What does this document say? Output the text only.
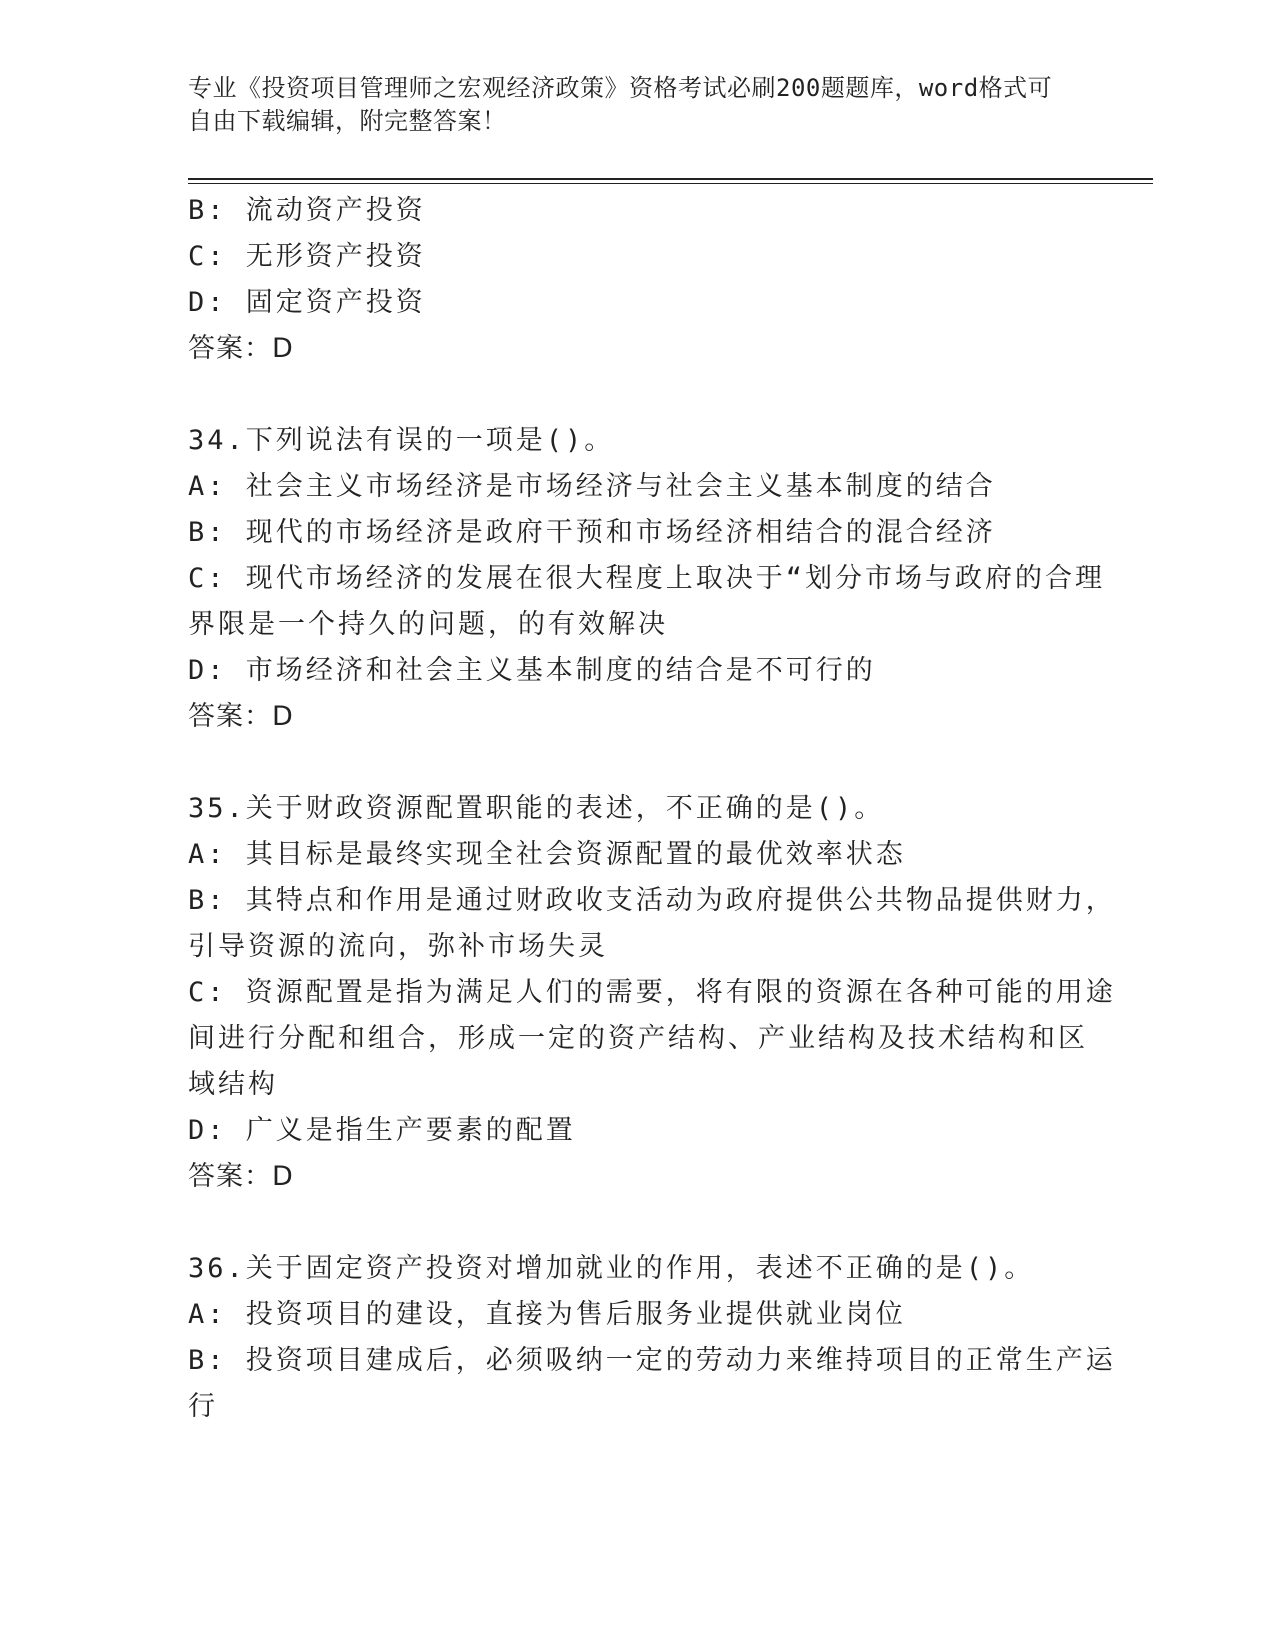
专业《投资项目管理师之宏观经济政策》资格考试必刷200题题库，word格式可
自由下载编辑，附完整答案！
B: 流动资产投资
C: 无形资产投资
D: 固定资产投资
答案：D
34.下列说法有误的一项是()。
A: 社会主义市场经济是市场经济与社会主义基本制度的结合
B: 现代的市场经济是政府干预和市场经济相结合的混合经济
C: 现代市场经济的发展在很大程度上取决于“划分市场与政府的合理
界限是一个持久的问题，的有效解决
D: 市场经济和社会主义基本制度的结合是不可行的
答案：D
35.关于财政资源配置职能的表述，不正确的是()。
A: 其目标是最终实现全社会资源配置的最优效率状态
B: 其特点和作用是通过财政收支活动为政府提供公共物品提供财力，
引导资源的流向，弥补市场失灵
C: 资源配置是指为满足人们的需要，将有限的资源在各种可能的用途
间进行分配和组合，形成一定的资产结构、产业结构及技术结构和区
域结构
D: 广义是指生产要素的配置
答案：D
36.关于固定资产投资对增加就业的作用，表述不正确的是()。
A: 投资项目的建设，直接为售后服务业提供就业岗位
B: 投资项目建成后，必须吸纳一定的劳动力来维持项目的正常生产运
行
